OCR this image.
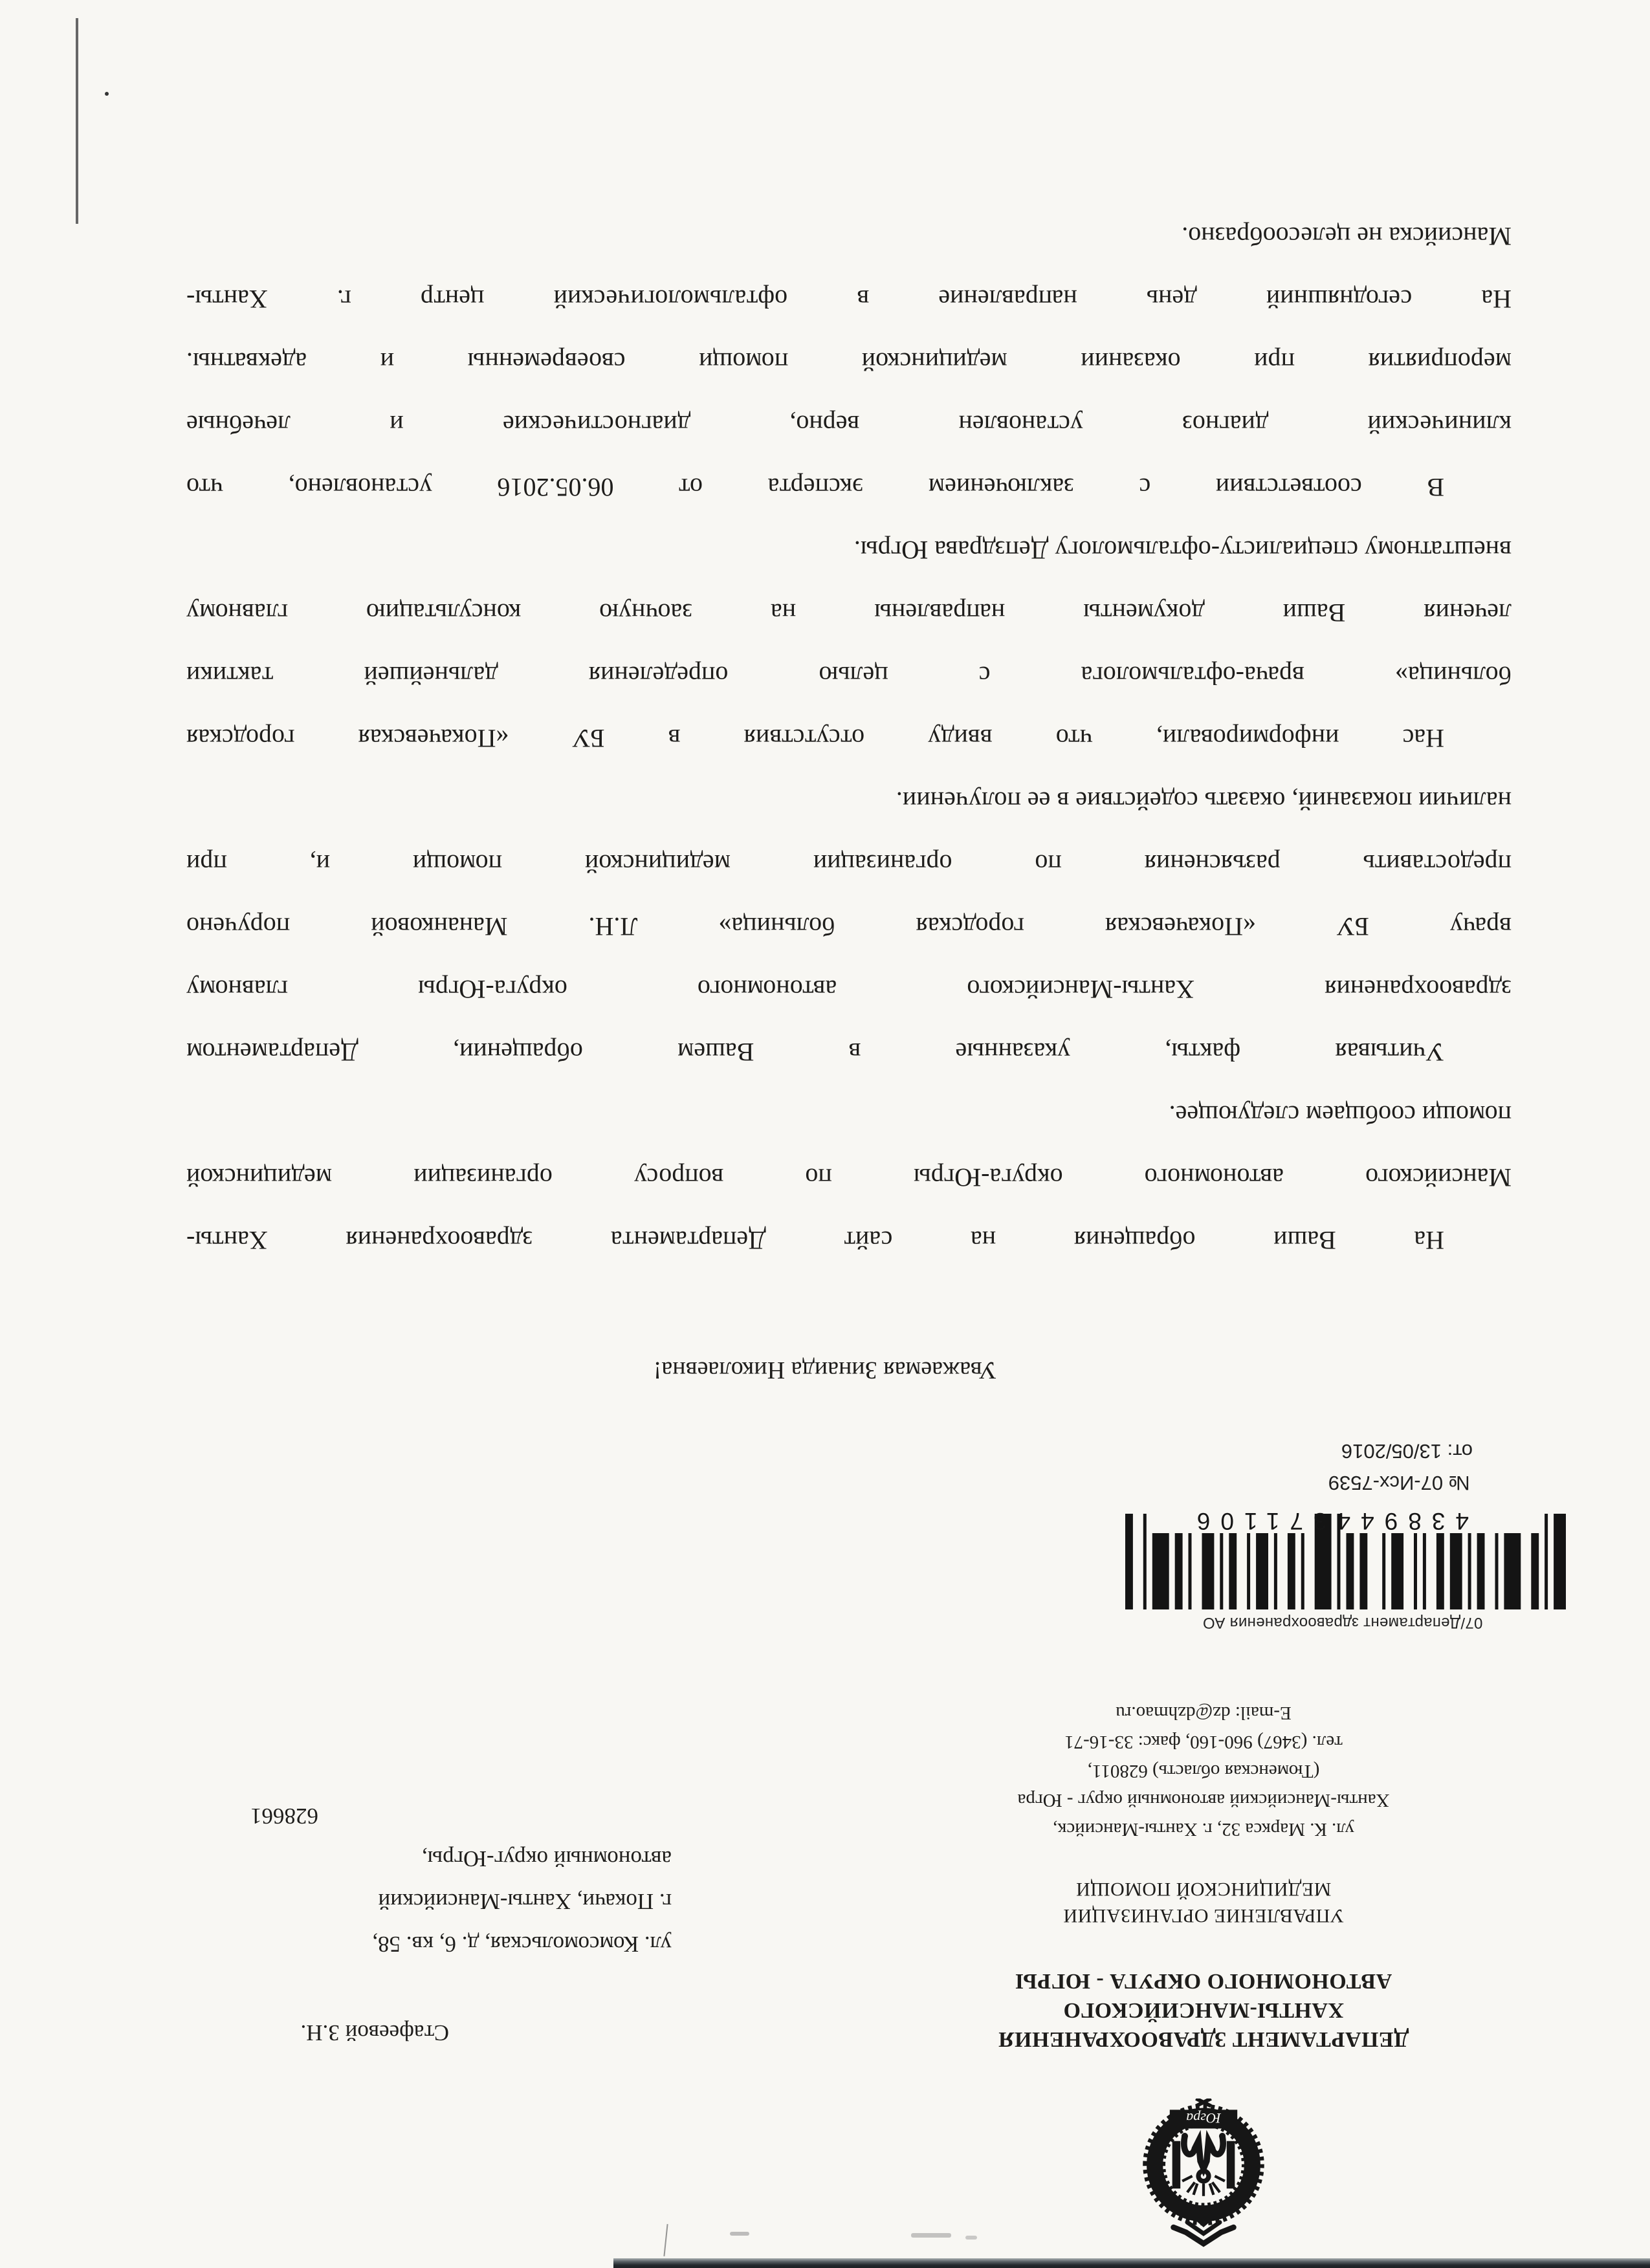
Югра
ДЕПАРТАМЕНТ ЗДРАВООХРАНЕНИЯ
ХАНТЫ-МАНСИЙСКОГО
АВТОНОМНОГО ОКРУГА - ЮГРЫ
УПРАВЛЕНИЕ ОРГАНИЗАЦИИ
МЕДИЦИНСКОЙ ПОМОЩИ
ул. К. Маркса 32, г. Ханты-Мансийск,
Ханты-Мансийский автономный округ - Югра
(Тюменская область) 628011,
тел. (3467) 960-160, факс: 33-16-71
E-mail: dz@dzhmao.ru
07/Департамент здравоохранения АО
438944371106
№ 07-Исх-7539
от: 13/05/2016
Стафеевой З.Н.
ул. Комсомольская, д. 6, кв. 58,
г. Покачи, Ханты-Мансийский
автономный округ-Югры,
628661
Уважаемая Зинаида Николаевна!
На Ваши обращения на сайт Департамента здравоохранения Ханты-
Мансийского автономного округа-Югры по вопросу организации медицинской
помощи сообщаем следующее.
Учитывая факты, указанные в Вашем обращении, Департаментом
здравоохранения Ханты-Мансийского автономного округа-Югры главному
врачу БУ «Покачевская городская больница» Л.Н. Мананковой поручено
предоставить разъяснения по организации медицинской помощи и, при
наличии показаний, оказать содействие в ее получении.
Нас информировали, что ввиду отсутствия в БУ «Покачевская городская
больница» врача-офтальмолога с целью определения дальнейшей тактики
лечения Ваши документы направлены на заочную консультацию главному
внештатному специалисту-офтальмологу Депздрава Югры.
В соответствии с заключением эксперта от 06.05.2016 установлено, что
клинический диагноз установлен верно, диагностические и лечебные
мероприятия при оказании медицинской помощи своевременны и адекватны.
На сегодняшний день направление в офтальмологический центр г. Ханты-
Мансийска не целесообразно.
